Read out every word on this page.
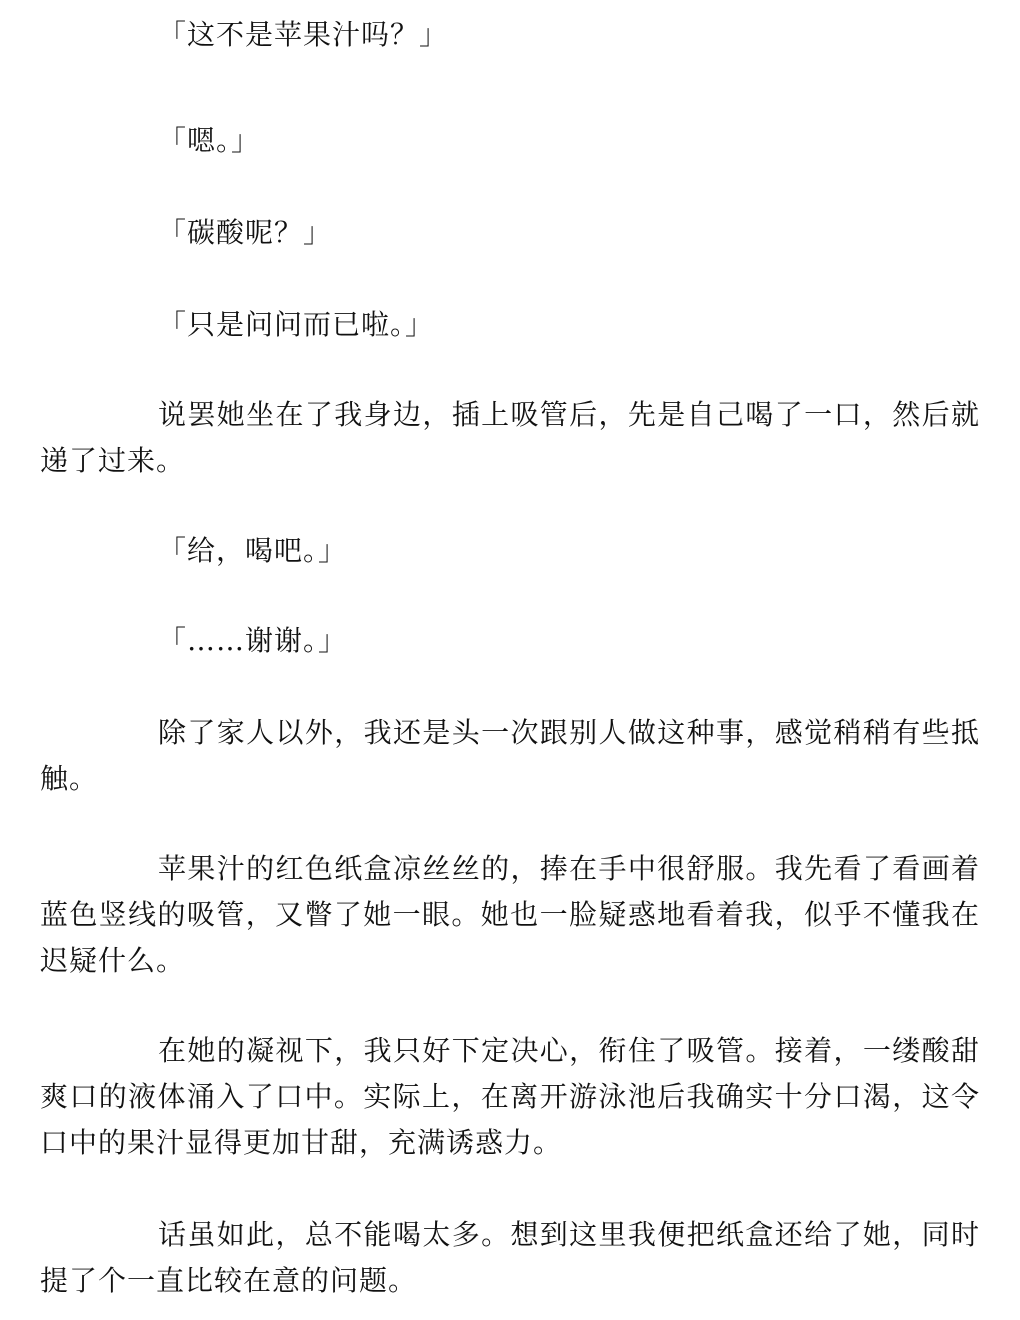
「这不是苹果汁吗？」

「嗯。」

「碳酸呢？」

「只是问问而已啦。」

说罢她坐在了我身边，插上吸管后，先是自己喝了一口，然后就递了过来。

「给，喝吧。」

「……谢谢。」

除了家人以外，我还是头一次跟别人做这种事，感觉稍稍有些抵触。

苹果汁的红色纸盒凉丝丝的，捧在手中很舒服。我先看了看画着蓝色竖线的吸管，又瞥了她一眼。她也一脸疑惑地看着我，似乎不懂我在迟疑什么。

在她的凝视下，我只好下定决心，衔住了吸管。接着，一缕酸甜爽口的液体涌入了口中。实际上，在离开游泳池后我确实十分口渴，这令口中的果汁显得更加甘甜，充满诱惑力。

话虽如此，总不能喝太多。想到这里我便把纸盒还给了她，同时提了个一直比较在意的问题。
